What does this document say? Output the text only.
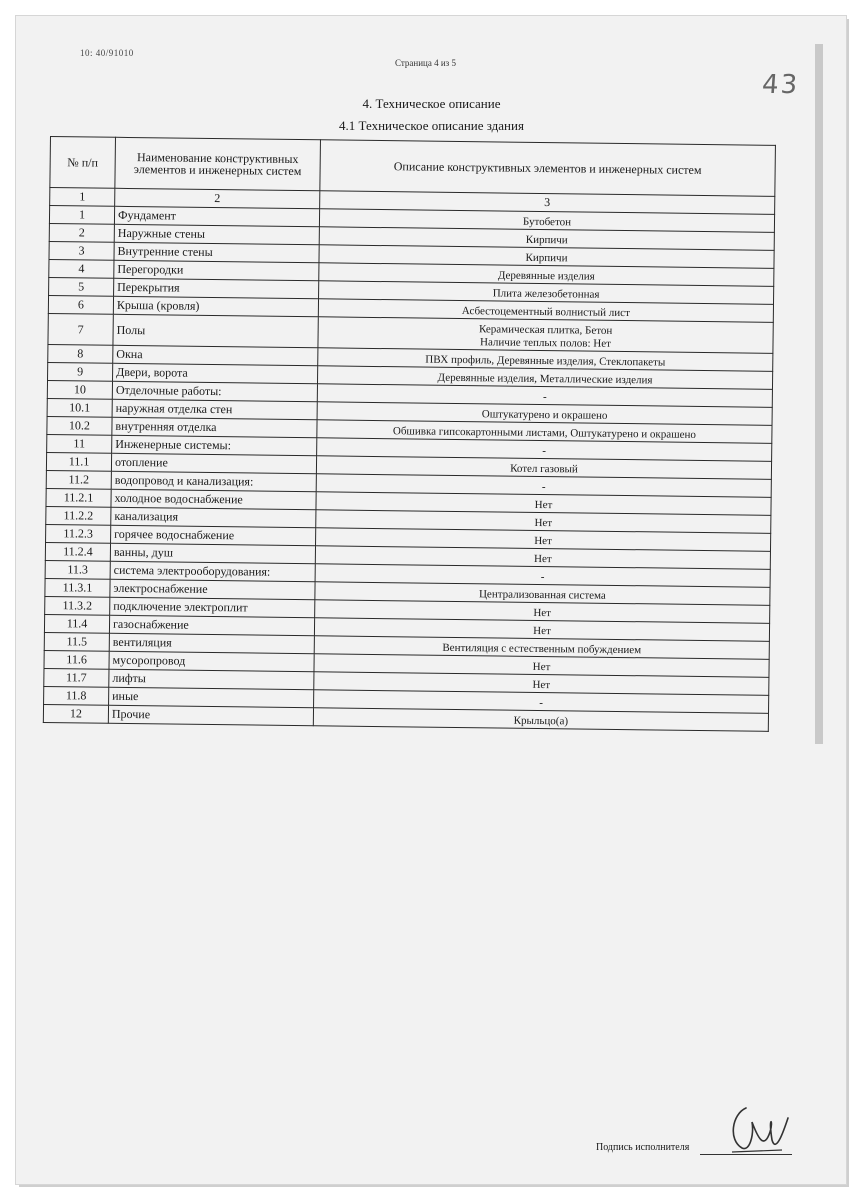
10: 40/91010
Страница 4 из 5
43
4. Техническое описание
4.1 Техническое описание здания
№ п/п	Наименование конструктивных элементов и инженерных систем	Описание конструктивных элементов и инженерных систем
1	2	3
1	Фундамент	Бутобетон
2	Наружные стены	Кирпичи
3	Внутренние стены	Кирпичи
4	Перегородки	Деревянные изделия
5	Перекрытия	Плита железобетонная
6	Крыша (кровля)	Асбестоцементный волнистый лист
7	Полы	Керамическая плитка, Бетон
Наличие теплых полов: Нет

8	Окна	ПВХ профиль, Деревянные изделия, Стеклопакеты
9	Двери, ворота	Деревянные изделия, Металлические изделия
10	Отделочные работы:	-
10.1	наружная отделка стен	Оштукатурено и окрашено
10.2	внутренняя отделка	Обшивка гипсокартонными листами, Оштукатурено и окрашено
11	Инженерные системы:	-
11.1	отопление	Котел газовый
11.2	водопровод и канализация:	-
11.2.1	холодное водоснабжение	Нет
11.2.2	канализация	Нет
11.2.3	горячее водоснабжение	Нет
11.2.4	ванны, душ	Нет
11.3	система электрооборудования:	-
11.3.1	электроснабжение	Централизованная система
11.3.2	подключение электроплит	Нет
11.4	газоснабжение	Нет
11.5	вентиляция	Вентиляция с естественным побуждением
11.6	мусоропровод	Нет
11.7	лифты	Нет
11.8	иные	-
12	Прочие	Крыльцо(а)
Подпись исполнителя
